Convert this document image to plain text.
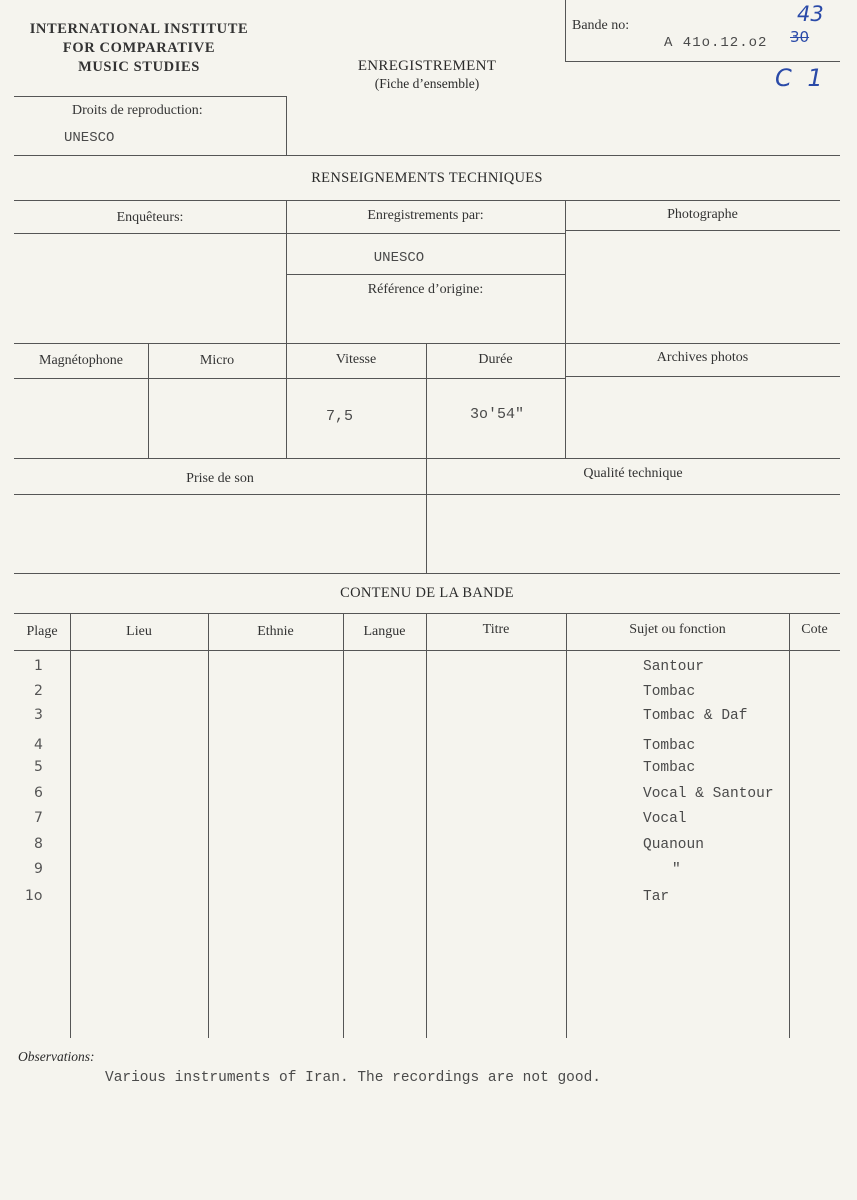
INTERNATIONAL INSTITUTE
FOR COMPARATIVE
MUSIC STUDIES	ENREGISTREMENT
(Fiche d’ensemble)
Bande no:
A 41o.12.o2
43
30
C 1
Droits de reproduction:
UNESCO
RENSEIGNEMENTS TECHNIQUES
Enquêteurs:	Enregistrements par:	Photographe
UNESCO
Référence d’origine:
Magnétophone	Micro	Vitesse	Durée	Archives photos
7,5	3o'54"
Prise de son	Qualité technique
CONTENU DE LA BANDE
Plage	Lieu	Ethnie	Langue	Titre	Sujet ou fonction	Cote
1	Santour
2	Tombac
3	Tombac & Daf
4	Tombac
5	Tombac
6	Vocal & Santour
7	Vocal
8	Quanoun
9	"
1o	Tar
Observations:
Various instruments of Iran. The recordings are not good.
